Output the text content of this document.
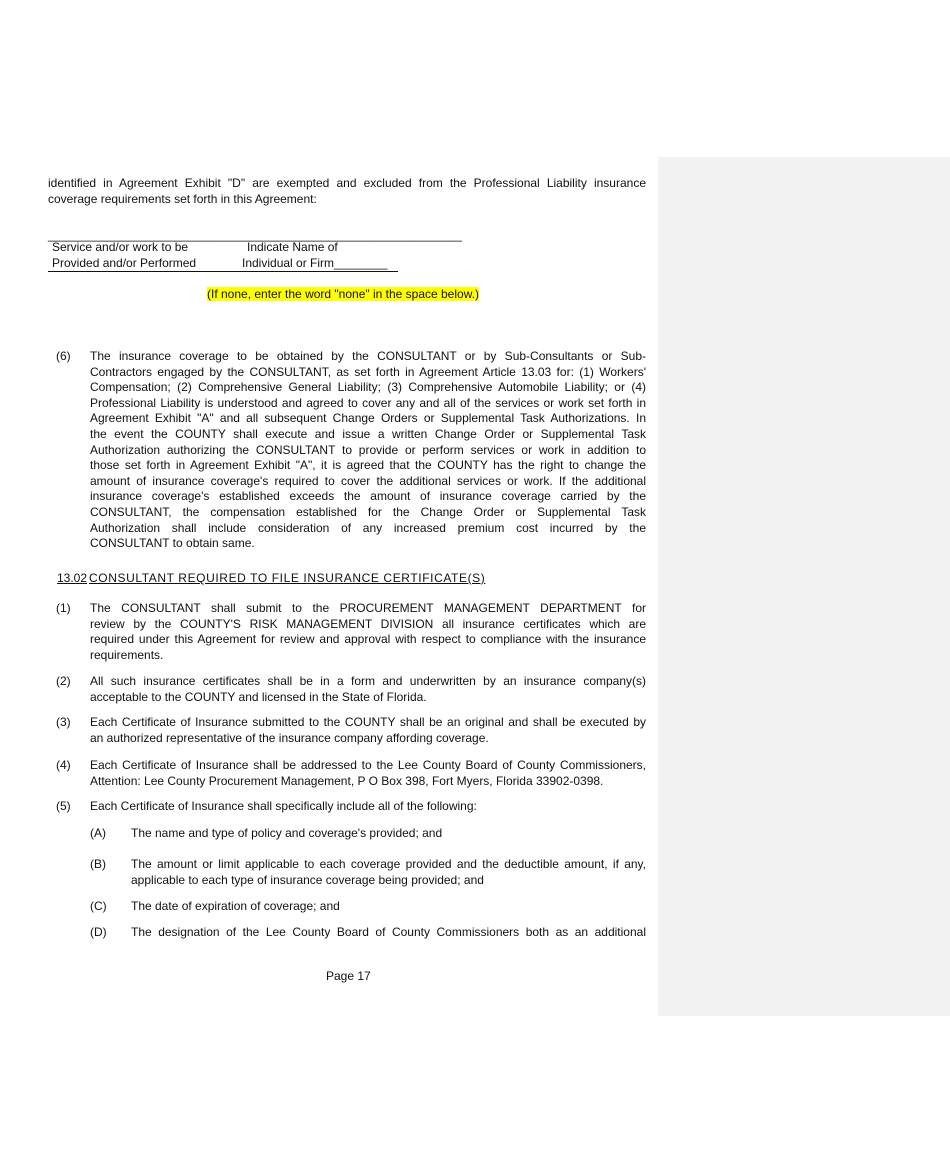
identified in Agreement Exhibit "D" are exempted and excluded from the Professional Liability insurance
coverage requirements set forth in this Agreement:
______________________________________________________________
Service and/or work to be
Provided and/or Performed
Indicate Name of
Individual or Firm________
(If none, enter the word "none" in the space below.)
(6) The insurance coverage to be obtained by the CONSULTANT or by Sub-Consultants or Sub-
Contractors engaged by the CONSULTANT, as set forth in Agreement Article 13.03 for: (1) Workers'
Compensation; (2) Comprehensive General Liability; (3) Comprehensive Automobile Liability; or (4)
Professional Liability is understood and agreed to cover any and all of the services or work set forth in
Agreement Exhibit "A" and all subsequent Change Orders or Supplemental Task Authorizations. In
the event the COUNTY shall execute and issue a written Change Order or Supplemental Task
Authorization authorizing the CONSULTANT to provide or perform services or work in addition to
those set forth in Agreement Exhibit "A", it is agreed that the COUNTY has the right to change the
amount of insurance coverage's required to cover the additional services or work. If the additional
insurance coverage's established exceeds the amount of insurance coverage carried by the
CONSULTANT, the compensation established for the Change Order or Supplemental Task
Authorization shall include consideration of any increased premium cost incurred by the
CONSULTANT to obtain same.
13.02 CONSULTANT REQUIRED TO FILE INSURANCE CERTIFICATE(S)
(1) The CONSULTANT shall submit to the PROCUREMENT MANAGEMENT DEPARTMENT for
review by the COUNTY'S RISK MANAGEMENT DIVISION all insurance certificates which are
required under this Agreement for review and approval with respect to compliance with the insurance
requirements.
(2) All such insurance certificates shall be in a form and underwritten by an insurance company(s)
acceptable to the COUNTY and licensed in the State of Florida.
(3) Each Certificate of Insurance submitted to the COUNTY shall be an original and shall be executed by
an authorized representative of the insurance company affording coverage.
(4) Each Certificate of Insurance shall be addressed to the Lee County Board of County Commissioners,
Attention: Lee County Procurement Management, P O Box 398, Fort Myers, Florida 33902-0398.
(5) Each Certificate of Insurance shall specifically include all of the following:
(A) The name and type of policy and coverage's provided; and
(B) The amount or limit applicable to each coverage provided and the deductible amount, if any,
applicable to each type of insurance coverage being provided; and
(C) The date of expiration of coverage; and
(D) The designation of the Lee County Board of County Commissioners both as an additional
Page 17
